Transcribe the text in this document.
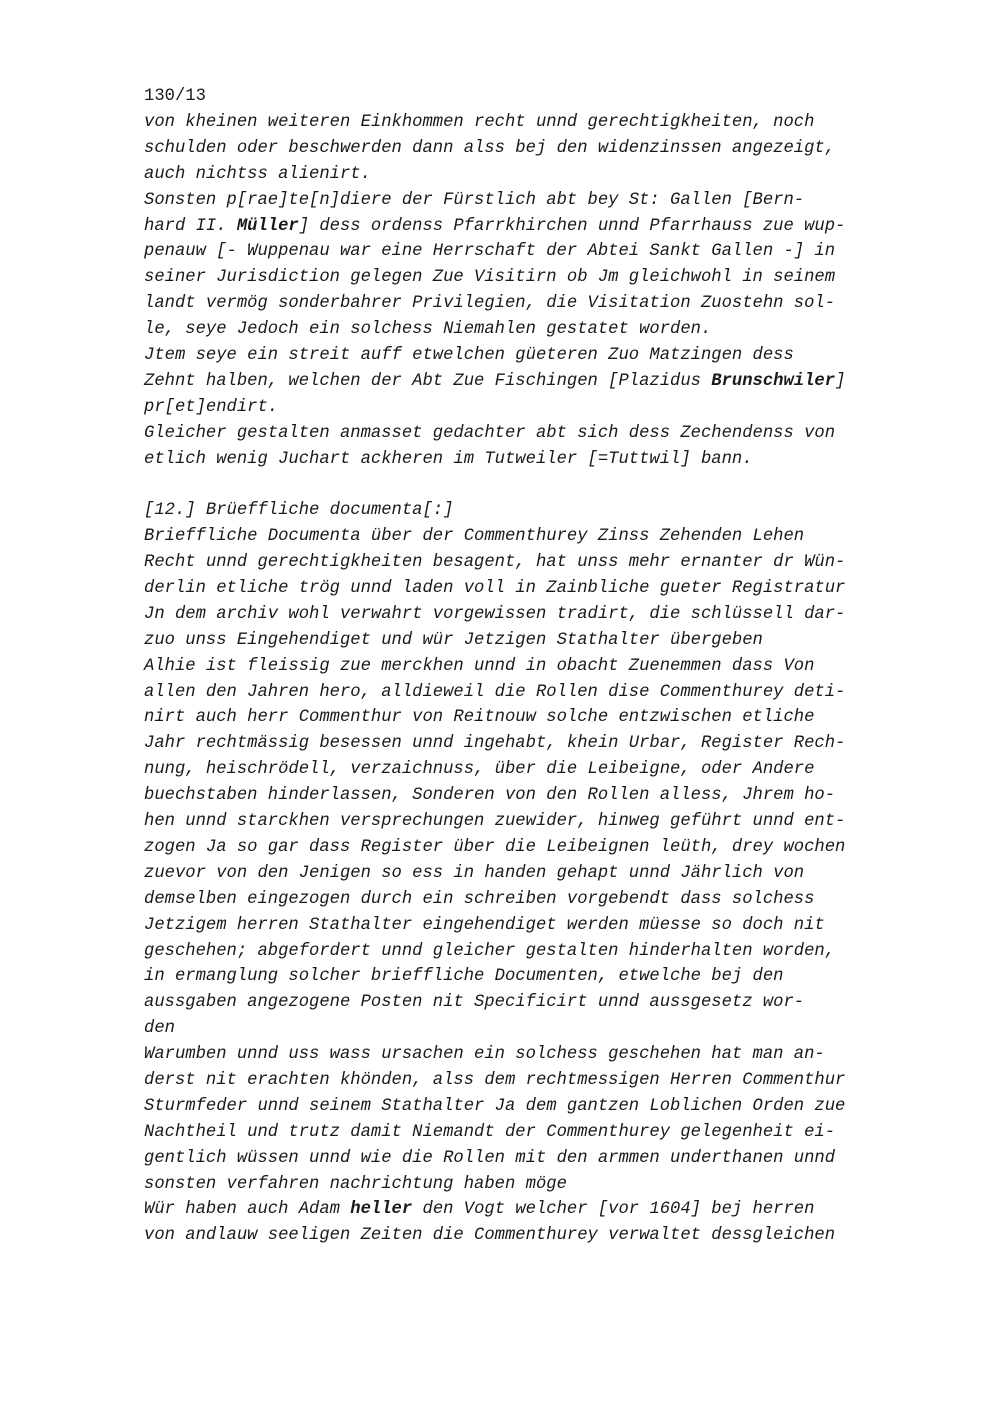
130/13
von kheinen weiteren Einkhommen recht unnd gerechtigkheiten, noch
schulden oder beschwerden dann alss bej den widenzinssen angezeigt,
auch nichtss alienirt.
Sonsten p[rae]te[n]diere der Fürstlich abt bey St: Gallen [Bern-
hard II. Müller] dess ordenss Pfarrkhirchen unnd Pfarrhauss zue wup-
penauw [- Wuppenau war eine Herrschaft der Abtei Sankt Gallen -] in
seiner Jurisdiction gelegen Zue Visitirn ob Jm gleichwohl in seinem
landt vermög sonderbahrer Privilegien, die Visitation Zuostehn sol-
le, seye Jedoch ein solchess Niemahlen gestatet worden.
Jtem seye ein streit auff etwelchen güeteren Zuo Matzingen dess
Zehnt halben, welchen der Abt Zue Fischingen [Plazidus Brunschwiler]
pr[et]endirt.
Gleicher gestalten anmasset gedachter abt sich dess Zechendenss von
etlich wenig Juchart ackheren im Tutweiler [=Tuttwil] bann.
[12.] Brüeffliche documenta[:]
Brieffliche Documenta über der Commenthurey Zinss Zehenden Lehen
Recht unnd gerechtigkheiten besagent, hat unss mehr ernanter dr Wün-
derlin etliche trög unnd laden voll in Zainbliche gueter Registratur
Jn dem archiv wohl verwahrt vorgewissen tradirt, die schlüssell dar-
zuo unss Eingehendiget und wür Jetzigen Stathalter übergeben
Alhie ist fleissig zue merckhen unnd in obacht Zuenemmen dass Von
allen den Jahren hero, alldieweil die Rollen dise Commenthurey deti-
nirt auch herr Commenthur von Reitnouw solche entzwischen etliche
Jahr rechtmässig besessen unnd ingehabt, khein Urbar, Register Rech-
nung, heischrödell, verzaichnuss, über die Leibeigne, oder Andere
buechstaben hinderlassen, Sonderen von den Rollen alless, Jhrem ho-
hen unnd starckhen versprechungen zuewider, hinweg geführt unnd ent-
zogen Ja so gar dass Register über die Leibeignen leüth, drey wochen
zuevor von den Jenigen so ess in handen gehapt unnd Jährlich von
demselben eingezogen durch ein schreiben vorgebendt dass solchess
Jetzigem herren Stathalter eingehendiget werden müesse so doch nit
geschehen; abgefordert unnd gleicher gestalten hinderhalten worden,
in ermanglung solcher brieffliche Documenten, etwelche bej den
aussgaben angezogene Posten nit Specificirt unnd aussgesetz wor-
den
Warumben unnd uss wass ursachen ein solchess geschehen hat man an-
derst nit erachten khönden, alss dem rechtmessigen Herren Commenthur
Sturmfeder unnd seinem Stathalter Ja dem gantzen Loblichen Orden zue
Nachtheil und trutz damit Niemandt der Commenthurey gelegenheit ei-
gentlich wüssen unnd wie die Rollen mit den armmen underthanen unnd
sonsten verfahren nachrichtung haben möge
Wür haben auch Adam heller den Vogt welcher [vor 1604] bej herren
von andlauw seeligen Zeiten die Commenthurey verwaltet dessgleichen
